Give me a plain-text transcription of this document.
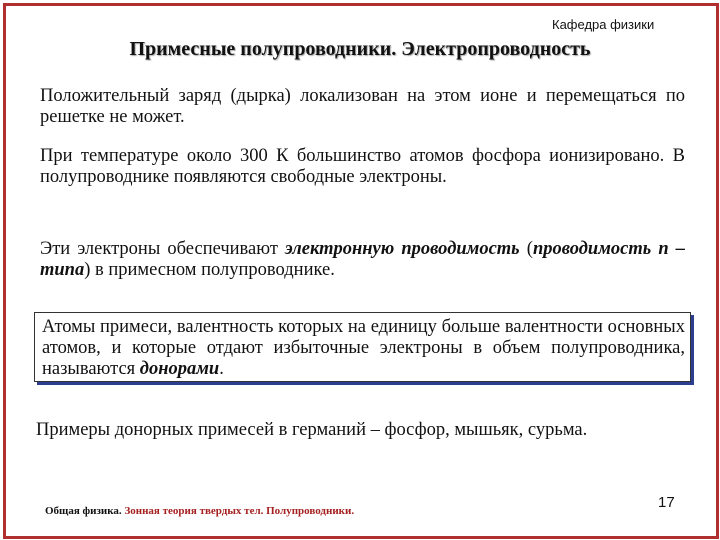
Кафедра физики
Примесные полупроводники. Электропроводность
Положительный заряд (дырка) локализован на этом ионе и перемещаться по решетке не может.
При температуре около 300 К большинство атомов фосфора ионизировано. В полупроводнике появляются свободные электроны.
Эти электроны обеспечивают электронную проводимость (проводимость n – типа) в примесном полупроводнике.
Атомы примеси, валентность которых на единицу больше валентности основных атомов, и которые отдают избыточные электроны в объем полупроводника, называются донорами.
Примеры донорных примесей в германий – фосфор, мышьяк, сурьма.
Общая физика. Зонная теория твердых тел. Полупроводники.	17
